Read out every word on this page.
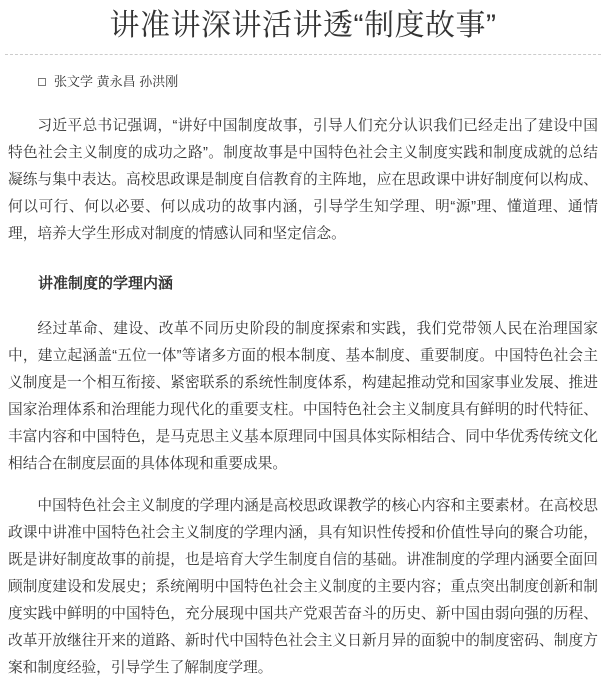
讲准讲深讲活讲透“制度故事”
张文学 黄永昌 孙洪刚

习近平总书记强调，“讲好中国制度故事，引导人们充分认识我们已经走出了建设中国特色社会主义制度的成功之路”。制度故事是中国特色社会主义制度实践和制度成就的总结凝练与集中表达。高校思政课是制度自信教育的主阵地，应在思政课中讲好制度何以构成、何以可行、何以必要、何以成功的故事内涵，引导学生知学理、明“源”理、懂道理、通情理，培养大学生形成对制度的情感认同和坚定信念。

讲准制度的学理内涵

经过革命、建设、改革不同历史阶段的制度探索和实践，我们党带领人民在治理国家中，建立起涵盖“五位一体”等诸多方面的根本制度、基本制度、重要制度。中国特色社会主义制度是一个相互衔接、紧密联系的系统性制度体系，构建起推动党和国家事业发展、推进国家治理体系和治理能力现代化的重要支柱。中国特色社会主义制度具有鲜明的时代特征、丰富内容和中国特色，是马克思主义基本原理同中国具体实际相结合、同中华优秀传统文化相结合在制度层面的具体体现和重要成果。

中国特色社会主义制度的学理内涵是高校思政课教学的核心内容和主要素材。在高校思政课中讲准中国特色社会主义制度的学理内涵，具有知识性传授和价值性导向的聚合功能，既是讲好制度故事的前提，也是培育大学生制度自信的基础。讲准制度的学理内涵要全面回顾制度建设和发展史；系统阐明中国特色社会主义制度的主要内容；重点突出制度创新和制度实践中鲜明的中国特色，充分展现中国共产党艰苦奋斗的历史、新中国由弱向强的历程、改革开放继往开来的道路、新时代中国特色社会主义日新月异的面貌中的制度密码、制度方案和制度经验，引导学生了解制度学理。
